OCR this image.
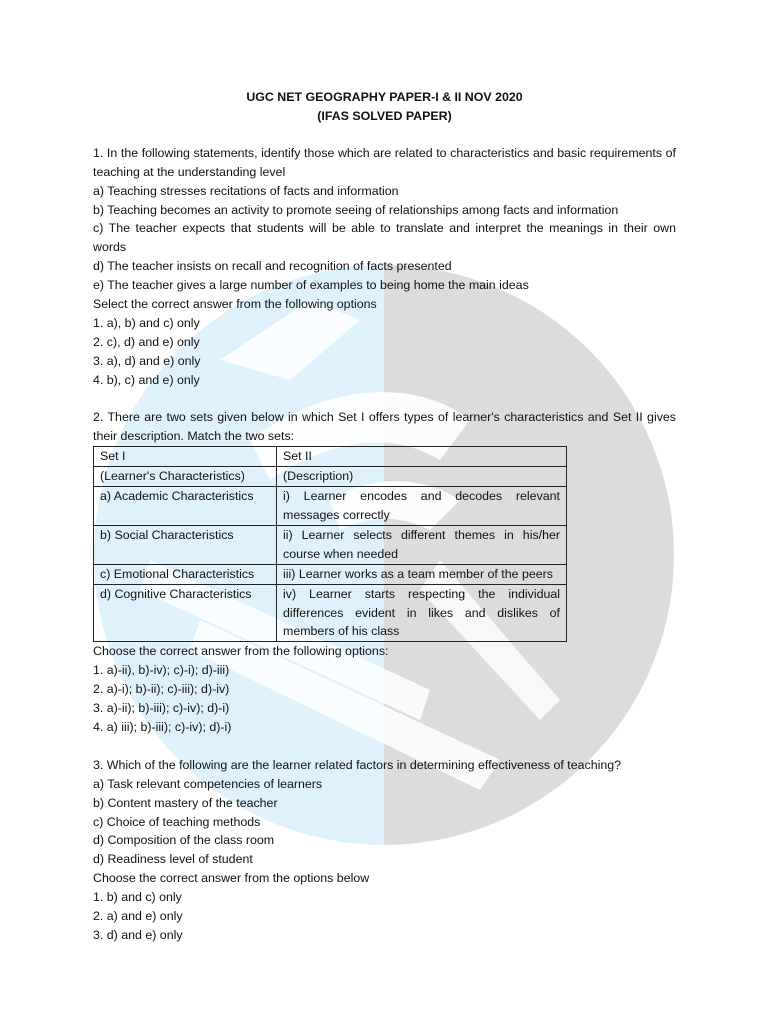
UGC NET GEOGRAPHY PAPER-I & II NOV 2020
(IFAS SOLVED PAPER)
1. In the following statements, identify those which are related to characteristics and basic requirements of teaching at the understanding level
a) Teaching stresses recitations of facts and information
b) Teaching becomes an activity to promote seeing of relationships among facts and information
c) The teacher expects that students will be able to translate and interpret the meanings in their own words
d) The teacher insists on recall and recognition of facts presented
e) The teacher gives a large number of examples to being home the main ideas
Select the correct answer from the following options
1. a), b) and c) only
2. c), d) and e) only
3. a), d) and e) only
4. b), c) and e) only
2. There are two sets given below in which Set I offers types of learner's characteristics and Set II gives their description. Match the two sets:
Set I	Set II
(Learner's Characteristics)	(Description)
a) Academic Characteristics	i) Learner encodes and decodes relevant messages correctly
b) Social Characteristics	ii) Learner selects different themes in his/her course when needed
c) Emotional Characteristics	iii) Learner works as a team member of the peers
d) Cognitive Characteristics	iv) Learner starts respecting the individual differences evident in likes and dislikes of members of his class
Choose the correct answer from the following options:
1. a)-ii), b)-iv); c)-i); d)-iii)
2. a)-i); b)-ii); c)-iii); d)-iv)
3. a)-ii); b)-iii); c)-iv); d)-i)
4. a) iii); b)-iii); c)-iv); d)-i)
3. Which of the following are the learner related factors in determining effectiveness of teaching?
a) Task relevant competencies of learners
b) Content mastery of the teacher
c) Choice of teaching methods
d) Composition of the class room
d) Readiness level of student
Choose the correct answer from the options below
1. b) and c) only
2. a) and e) only
3. d) and e) only
